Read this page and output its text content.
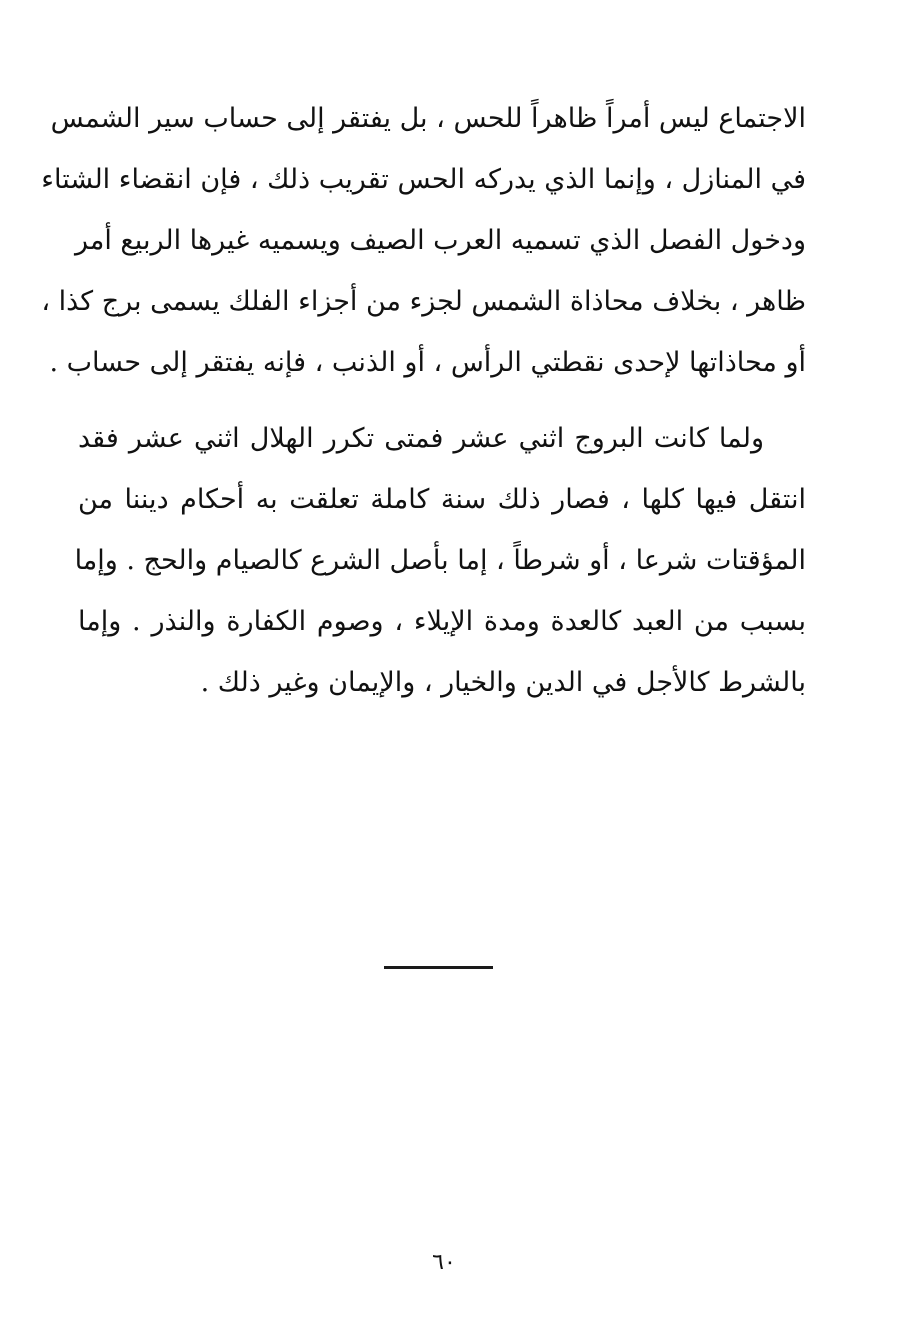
الاجتماع ليس أمراً ظاهراً للحس ، بل يفتقر إلى حساب سير الشمس
في المنازل ، وإنما الذي يدركه الحس تقريب ذلك ، فإن انقضاء الشتاء
ودخول الفصل الذي تسميه العرب الصيف ويسميه غيرها الربيع أمر
ظاهر ، بخلاف محاذاة الشمس لجزء من أجزاء الفلك يسمى برج كذا ،
أو محاذاتها لإحدى نقطتي الرأس ، أو الذنب ، فإنه يفتقر إلى حساب .
ولما كانت البروج اثني عشر فمتى تكرر الهلال اثني عشر فقد
انتقل فيها كلها ، فصار ذلك سنة كاملة تعلقت به أحكام ديننا من
المؤقتات شرعا ، أو شرطاً ، إما بأصل الشرع كالصيام والحج . وإما
بسبب من العبد كالعدة ومدة الإيلاء ، وصوم الكفارة والنذر . وإما
بالشرط كالأجل في الدين والخيار ، والإيمان وغير ذلك .
٦٠
